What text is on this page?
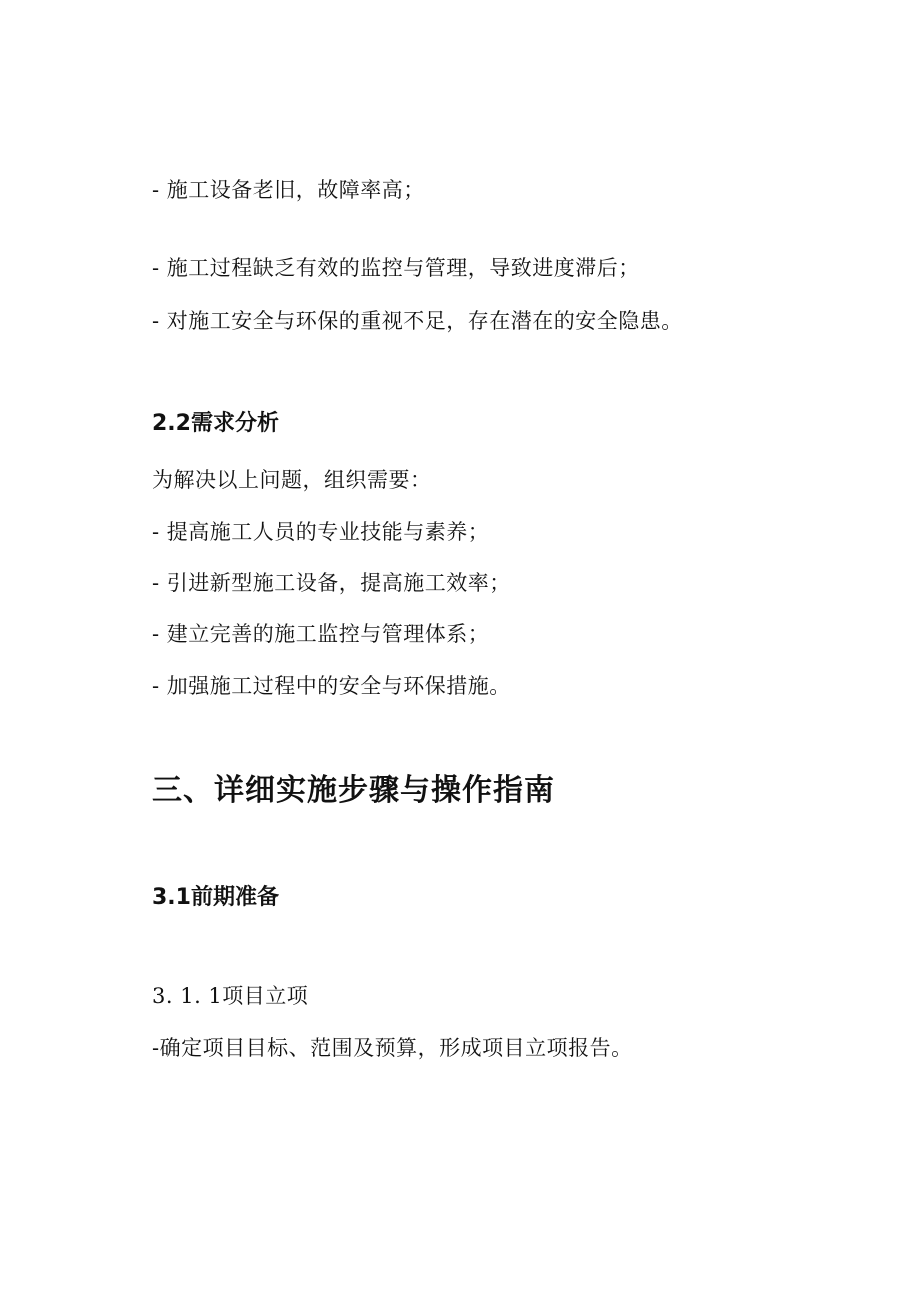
- 施工设备老旧，故障率高；

- 施工过程缺乏有效的监控与管理，导致进度滞后；

- 对施工安全与环保的重视不足，存在潜在的安全隐患。

2.2需求分析

为解决以上问题，组织需要：

- 提高施工人员的专业技能与素养；

- 引进新型施工设备，提高施工效率；

- 建立完善的施工监控与管理体系；

- 加强施工过程中的安全与环保措施。

三、详细实施步骤与操作指南
3.1前期准备
3. 1. 1项目立项

-确定项目目标、范围及预算，形成项目立项报告。
